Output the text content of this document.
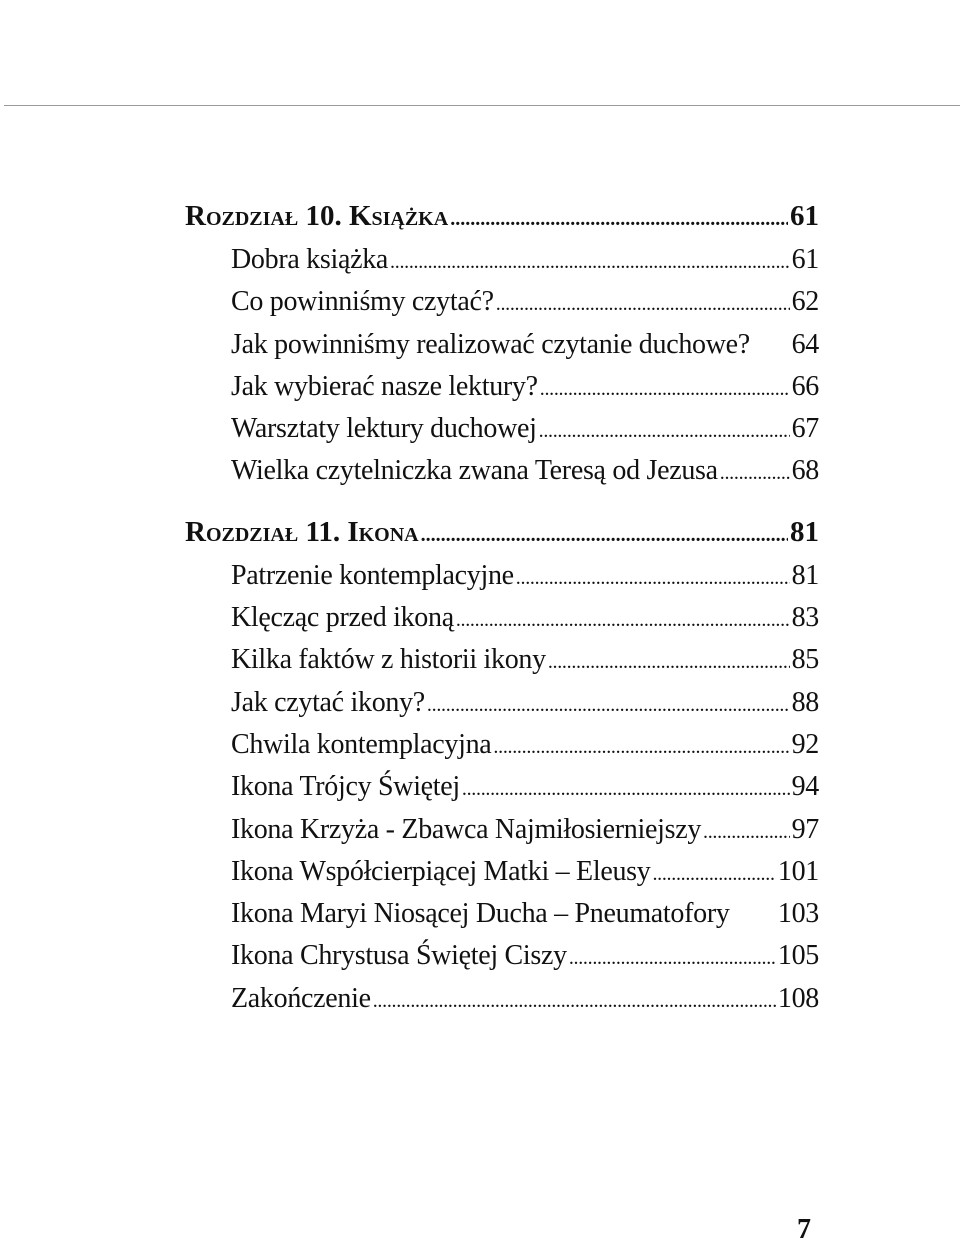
Rozdział 10. Książka .....	61
Dobra książka .....	61
Co powinniśmy czytać? .....	62
Jak powinniśmy realizować czytanie duchowe?	64
Jak wybierać nasze lektury? .....	66
Warsztaty lektury duchowej .....	67
Wielka czytelniczka zwana Teresą od Jezusa .....	68
Rozdział 11. Ikona .....	81
Patrzenie kontemplacyjne .....	81
Klęcząc przed ikoną .....	83
Kilka faktów z historii ikony .....	85
Jak czytać ikony? .....	88
Chwila kontemplacyjna .....	92
Ikona Trójcy Świętej .....	94
Ikona Krzyża - Zbawca Najmiłosierniejszy .....	97
Ikona Współcierpiącej Matki – Eleusy .....	101
Ikona Maryi Niosącej Ducha – Pneumatofory	103
Ikona Chrystusa Świętej Ciszy .....	105
Zakończenie .....	108
7
